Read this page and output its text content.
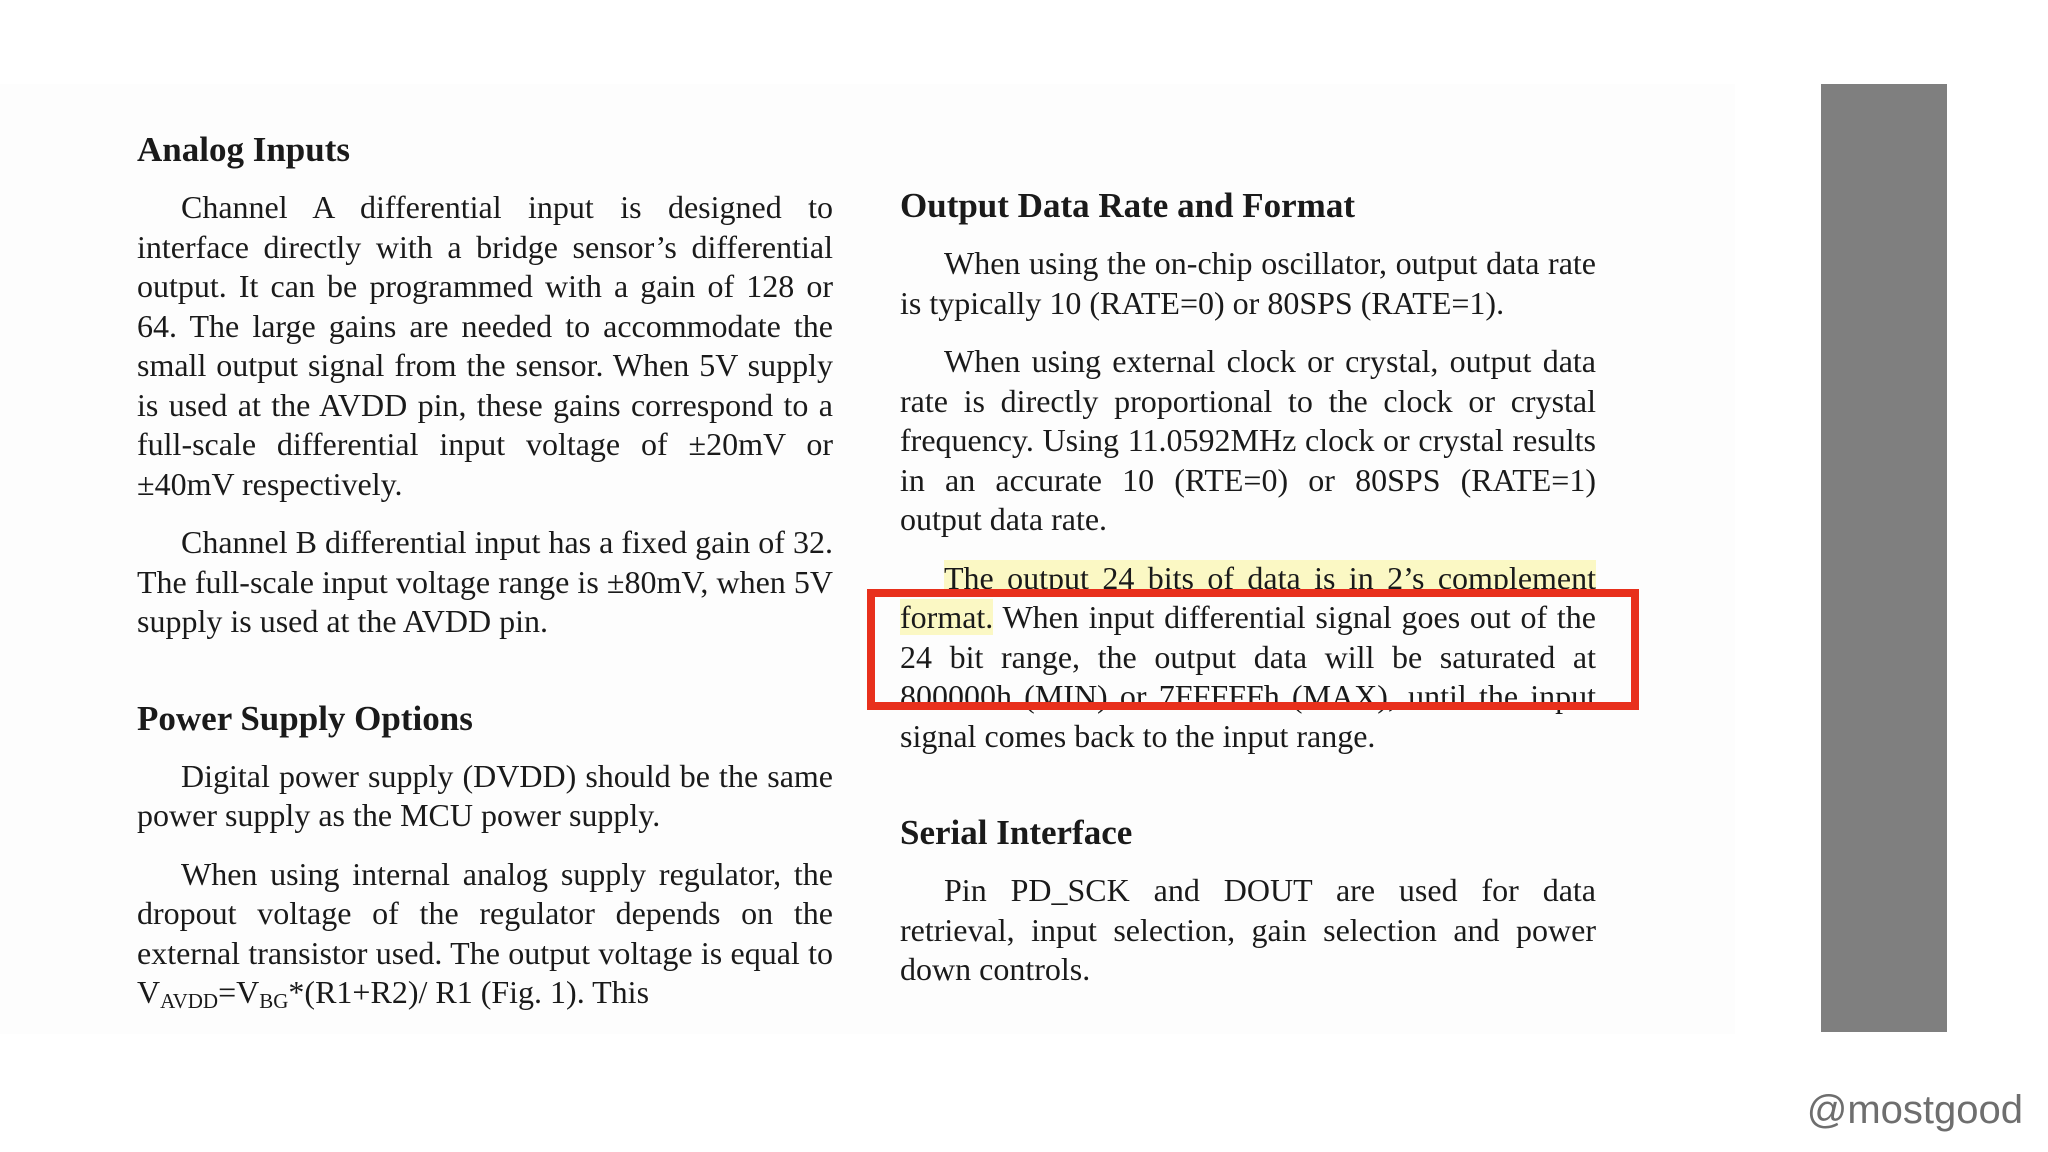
Analog Inputs

Channel A differential input is designed to interface directly with a bridge sensor’s differential output. It can be programmed with a gain of 128 or 64. The large gains are needed to accommodate the small output signal from the sensor. When 5V supply is used at the AVDD pin, these gains correspond to a full-scale differential input voltage of ±20mV or ±40mV respectively.

Channel B differential input has a fixed gain of 32. The full-scale input voltage range is ±80mV, when 5V supply is used at the AVDD pin.

Power Supply Options

Digital power supply (DVDD) should be the same power supply as the MCU power supply.

When using internal analog supply regulator, the dropout voltage of the regulator depends on the external transistor used. The output voltage is equal to $V_{AVDD}=V_{BG}*(R1+R2)/$ R1 (Fig. 1). This

Output Data Rate and Format

When using the on-chip oscillator, output data rate is typically 10 (RATE=0) or 80SPS (RATE=1).

When using external clock or crystal, output data rate is directly proportional to the clock or crystal frequency. Using 11.0592MHz clock or crystal results in an accurate 10 (RTE=0) or 80SPS (RATE=1) output data rate.

The output 24 bits of data is in 2’s complement format. When input differential signal goes out of the 24 bit range, the output data will be saturated at 800000h (MIN) or 7FFFFFh (MAX), until the input signal comes back to the input range.

Serial Interface

Pin PD_SCK and DOUT are used for data retrieval, input selection, gain selection and power down controls.

@mostgood
